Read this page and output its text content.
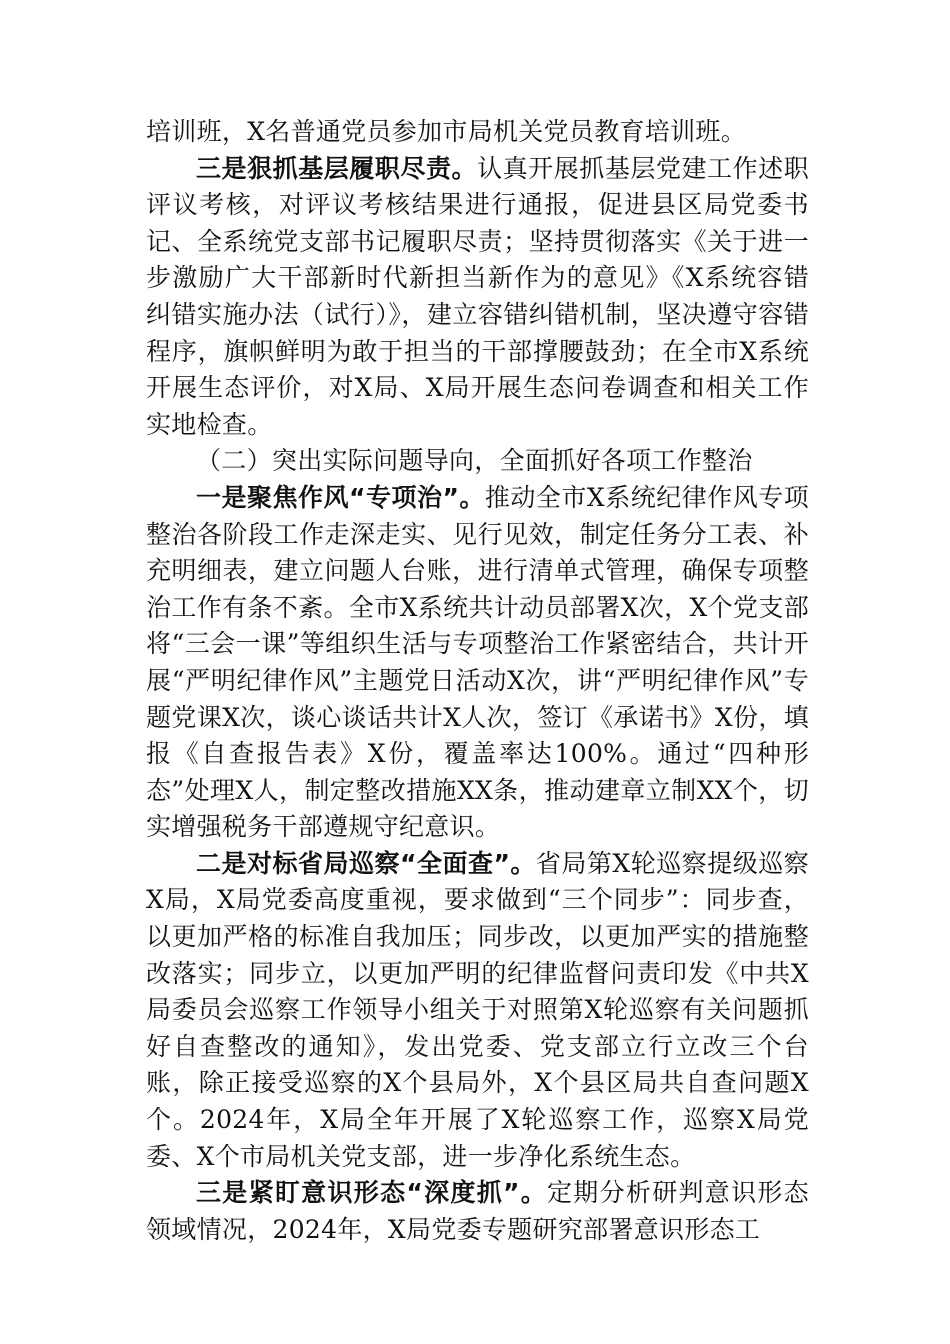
培训班，X名普通党员参加市局机关党员教育培训班。

三是狠抓基层履职尽责。认真开展抓基层党建工作述职评议考核，对评议考核结果进行通报，促进县区局党委书记、全系统党支部书记履职尽责；坚持贯彻落实《关于进一步激励广大干部新时代新担当新作为的意见》《X系统容错纠错实施办法（试行）》，建立容错纠错机制，坚决遵守容错程序，旗帜鲜明为敢于担当的干部撑腰鼓劲；在全市X系统开展生态评价，对X局、X局开展生态问卷调查和相关工作实地检查。

（二）突出实际问题导向，全面抓好各项工作整治

一是聚焦作风“专项治”。推动全市X系统纪律作风专项整治各阶段工作走深走实、见行见效，制定任务分工表、补充明细表，建立问题人台账，进行清单式管理，确保专项整治工作有条不紊。全市X系统共计动员部署X次，X个党支部将“三会一课”等组织生活与专项整治工作紧密结合，共计开展“严明纪律作风”主题党日活动X次，讲“严明纪律作风”专题党课X次，谈心谈话共计X人次，签订《承诺书》X份，填报《自查报告表》X份，覆盖率达100%。通过“四种形态”处理X人，制定整改措施XX条，推动建章立制XX个，切实增强税务干部遵规守纪意识。

二是对标省局巡察“全面查”。省局第X轮巡察提级巡察X局，X局党委高度重视，要求做到“三个同步”：同步查，以更加严格的标准自我加压；同步改，以更加严实的措施整改落实；同步立，以更加严明的纪律监督问责印发《中共X局委员会巡察工作领导小组关于对照第X轮巡察有关问题抓好自查整改的通知》，发出党委、党支部立行立改三个台账，除正接受巡察的X个县局外，X个县区局共自查问题X个。2024年，X局全年开展了X轮巡察工作，巡察X局党委、X个市局机关党支部，进一步净化系统生态。

三是紧盯意识形态“深度抓”。定期分析研判意识形态领域情况，2024年，X局党委专题研究部署意识形态工
